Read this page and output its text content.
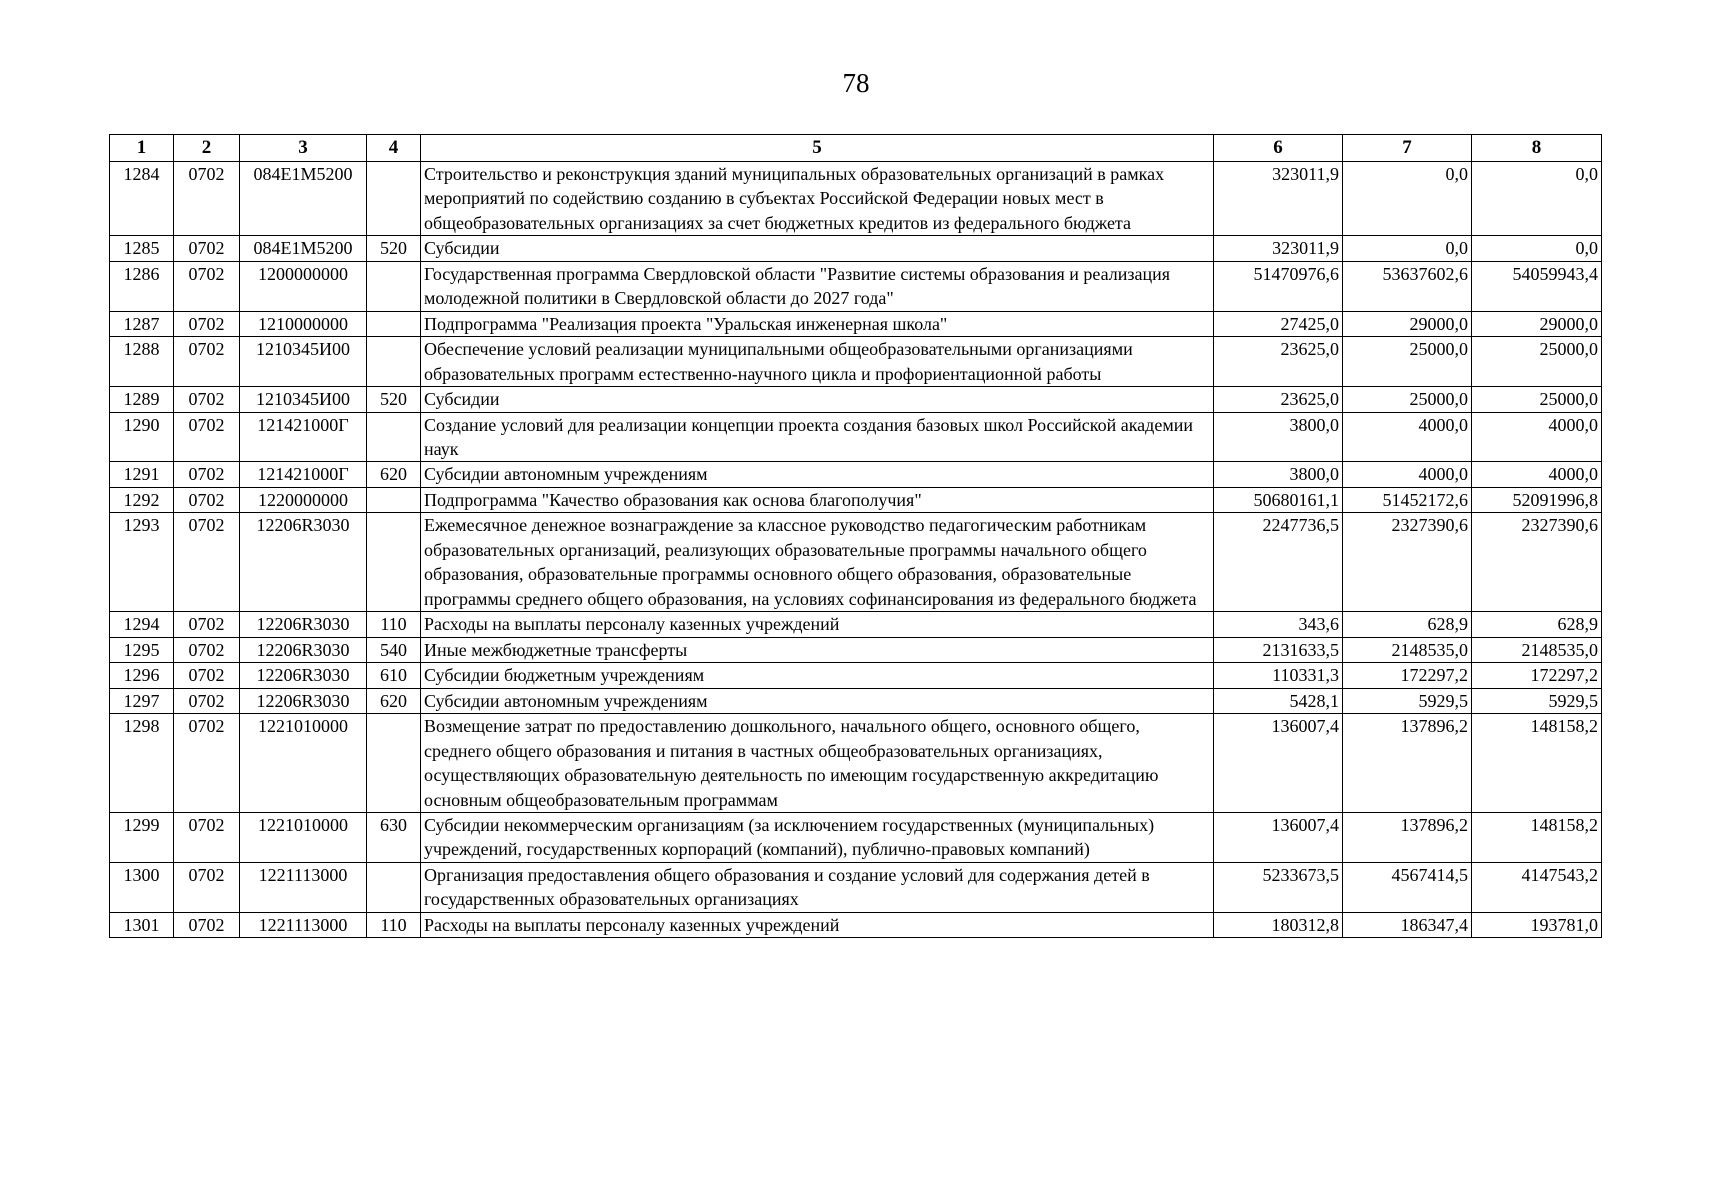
78
1	2	3	4	5	6	7	8
1284	0702	084E1M5200		Строительство и реконструкция зданий муниципальных образовательных организаций в рамках мероприятий по содействию созданию в субъектах Российской Федерации новых мест в общеобразовательных организациях за счет бюджетных кредитов из федерального бюджета	323011,9	0,0	0,0
1285	0702	084E1M5200	520	Субсидии	323011,9	0,0	0,0
1286	0702	1200000000		Государственная программа Свердловской области "Развитие системы образования и реализация молодежной политики в Свердловской области до 2027 года"	51470976,6	53637602,6	54059943,4
1287	0702	1210000000		Подпрограмма "Реализация проекта "Уральская инженерная школа"	27425,0	29000,0	29000,0
1288	0702	1210345И00		Обеспечение условий реализации муниципальными общеобразовательными организациями образовательных программ естественно-научного цикла и профориентационной работы	23625,0	25000,0	25000,0
1289	0702	1210345И00	520	Субсидии	23625,0	25000,0	25000,0
1290	0702	121421000Г		Создание условий для реализации концепции проекта создания базовых школ Российской академии наук	3800,0	4000,0	4000,0
1291	0702	121421000Г	620	Субсидии автономным учреждениям	3800,0	4000,0	4000,0
1292	0702	1220000000		Подпрограмма "Качество образования как основа благополучия"	50680161,1	51452172,6	52091996,8
1293	0702	12206R3030		Ежемесячное денежное вознаграждение за классное руководство педагогическим работникам образовательных организаций, реализующих образовательные программы начального общего образования, образовательные программы основного общего образования, образовательные программы среднего общего образования, на условиях софинансирования из федерального бюджета	2247736,5	2327390,6	2327390,6
1294	0702	12206R3030	110	Расходы на выплаты персоналу казенных учреждений	343,6	628,9	628,9
1295	0702	12206R3030	540	Иные межбюджетные трансферты	2131633,5	2148535,0	2148535,0
1296	0702	12206R3030	610	Субсидии бюджетным учреждениям	110331,3	172297,2	172297,2
1297	0702	12206R3030	620	Субсидии автономным учреждениям	5428,1	5929,5	5929,5
1298	0702	1221010000		Возмещение затрат по предоставлению дошкольного, начального общего, основного общего, среднего общего образования и питания в частных общеобразовательных организациях, осуществляющих образовательную деятельность по имеющим государственную аккредитацию основным общеобразовательным программам	136007,4	137896,2	148158,2
1299	0702	1221010000	630	Субсидии некоммерческим организациям (за исключением государственных (муниципальных) учреждений, государственных корпораций (компаний), публично-правовых компаний)	136007,4	137896,2	148158,2
1300	0702	1221113000		Организация предоставления общего образования и создание условий для содержания детей в государственных образовательных организациях	5233673,5	4567414,5	4147543,2
1301	0702	1221113000	110	Расходы на выплаты персоналу казенных учреждений	180312,8	186347,4	193781,0
